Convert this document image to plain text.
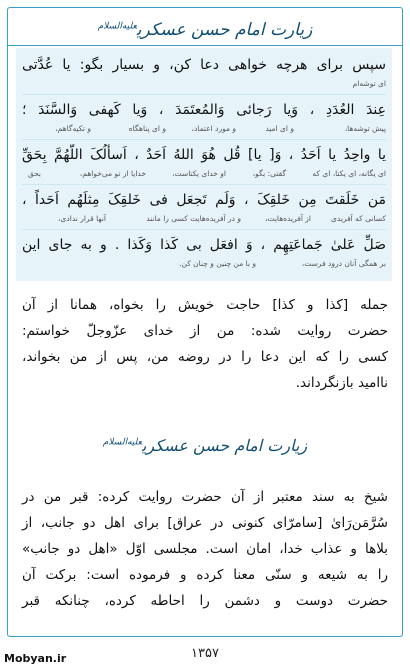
زیارت امام حسن عسکری$^{علیه‌السلام}$
سپس برای هرچه خواهی دعا کن، و بسیار بگو: یا عُدَّتی
ای توشه‌ام
عِندَ العُدَدِ ، وَیا رَجائی وَالمُعتَمَدَ ، وَیا کَهفی وَالسَّنَدَ ؛
پیش توشه‌ها،
و ای امید
و مورد اعتماد،
و ای پناهگاه
و تکیه‌گاهم،
یا واحِدُ یا اَحَدُ ، وَ[ یا] قُل هُوَ اللهُ اَحَدٌ ، اَسأَلُکَ اللّهُمَّ بِحَقِّ
ای یگانه، ای یکتا، ای که
گفتی: بگو،
او خدای یکتاست،
خدایا از تو می‌خواهم،
بحق
مَن خَلَقتَ مِن خَلقِکَ ، وَلَم تَجعَل فی خَلقِکَ مِثلَهُم اَحَداً ،
کسانی که آفریدی
از آفریده‌هایت،
و در آفریده‌هایت کسی را مانند
آنها قرار ندادی،
صَلِّ عَلیٰ جَماعَتِهِم ، وَ افعَل بی کَذا وَکَذا . و به جای این
بر همگی آنان درود فرست،
و با من چنین و چنان کن.
جمله [کذا و کذا] حاجت خویش را بخواه، همانا از آن
حضرت روایت شده: من از خدای عزّوجلّ خواستم:
کسی را که این دعا را در روضه من، پس از من بخواند،
ناامید بازنگرداند.
زیارت امام حسن عسکری$^{علیه‌السلام}$
شیخ به سند معتبر از آن حضرت روایت کرده: قبر من در
سُرَّمَن‌رَایٰ [سامرّای کنونی در عراق] برای اهل دو جانب، از
بلاها و عذاب خدا، امان است. مجلسی اوّل «اهل دو جانب»
را به شیعه و سنّی معنا کرده و فرموده است: برکت آن
حضرت دوست و دشمن را احاطه کرده، چنانکه قبر
۱۳۵۷
Mobyan.ir
